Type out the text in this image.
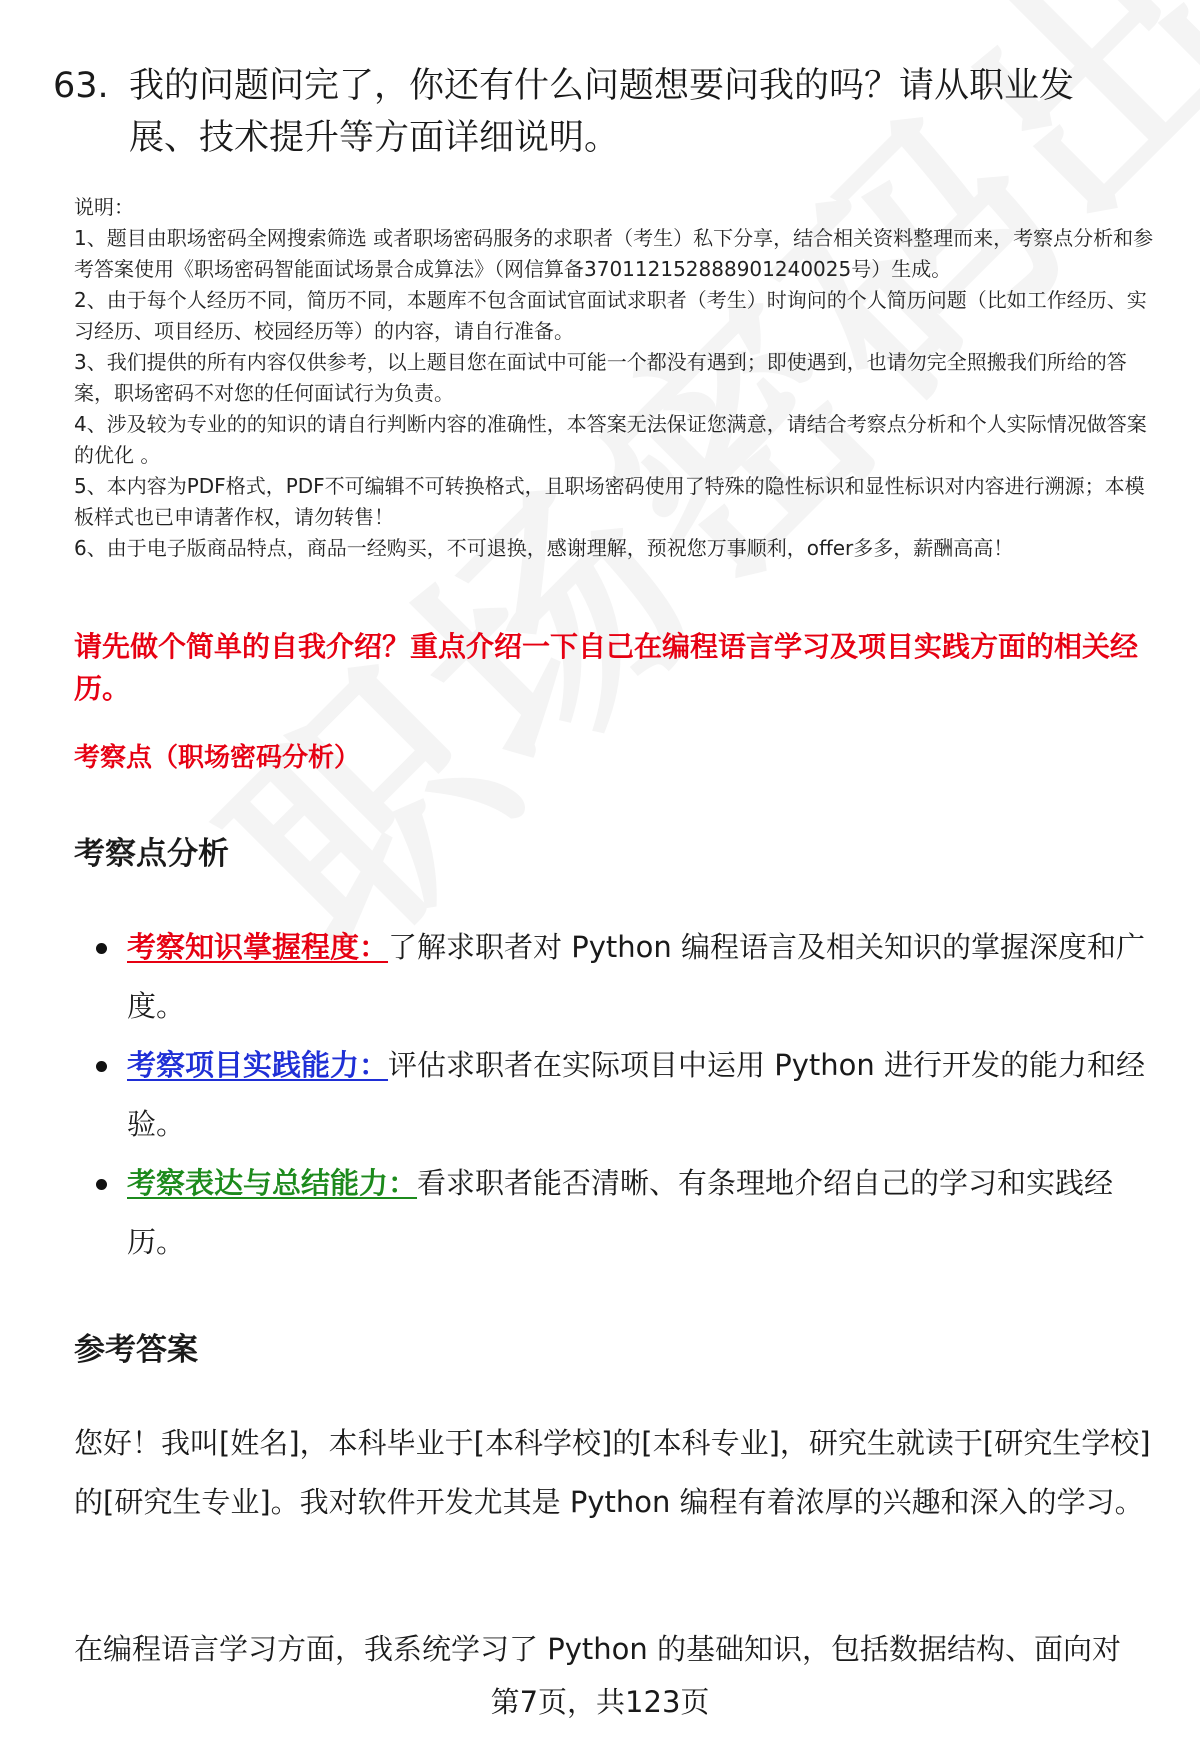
63. 我的问题问完了，你还有什么问题想要问我的吗？请从职业发展、技术提升等方面详细说明。
说明：
1、题目由职场密码全网搜索筛选 或者职场密码服务的求职者（考生）私下分享，结合相关资料整理而来，考察点分析和参考答案使用《职场密码智能面试场景合成算法》（网信算备370112152888901240025号）生成。
2、由于每个人经历不同，简历不同，本题库不包含面试官面试求职者（考生）时询问的个人简历问题（比如工作经历、实习经历、项目经历、校园经历等）的内容，请自行准备。
3、我们提供的所有内容仅供参考，以上题目您在面试中可能一个都没有遇到；即使遇到，也请勿完全照搬我们所给的答案，职场密码不对您的任何面试行为负责。
4、涉及较为专业的的知识的请自行判断内容的准确性，本答案无法保证您满意，请结合考察点分析和个人实际情况做答案的优化 。
5、本内容为PDF格式，PDF不可编辑不可转换格式，且职场密码使用了特殊的隐性标识和显性标识对内容进行溯源；本模板样式也已申请著作权，请勿转售！
6、由于电子版商品特点，商品一经购买，不可退换，感谢理解，预祝您万事顺利，offer多多，薪酬高高！
请先做个简单的自我介绍？重点介绍一下自己在编程语言学习及项目实践方面的相关经历。
考察点（职场密码分析）
考察点分析
考察知识掌握程度：了解求职者对 Python 编程语言及相关知识的掌握深度和广度。
考察项目实践能力：评估求职者在实际项目中运用 Python 进行开发的能力和经验。
考察表达与总结能力：看求职者能否清晰、有条理地介绍自己的学习和实践经历。
参考答案
您好！我叫[姓名]，本科毕业于[本科学校]的[本科专业]，研究生就读于[研究生学校]的[研究生专业]。我对软件开发尤其是 Python 编程有着浓厚的兴趣和深入的学习。
在编程语言学习方面，我系统学习了 Python 的基础知识，包括数据结构、面向对
第7页，共123页
